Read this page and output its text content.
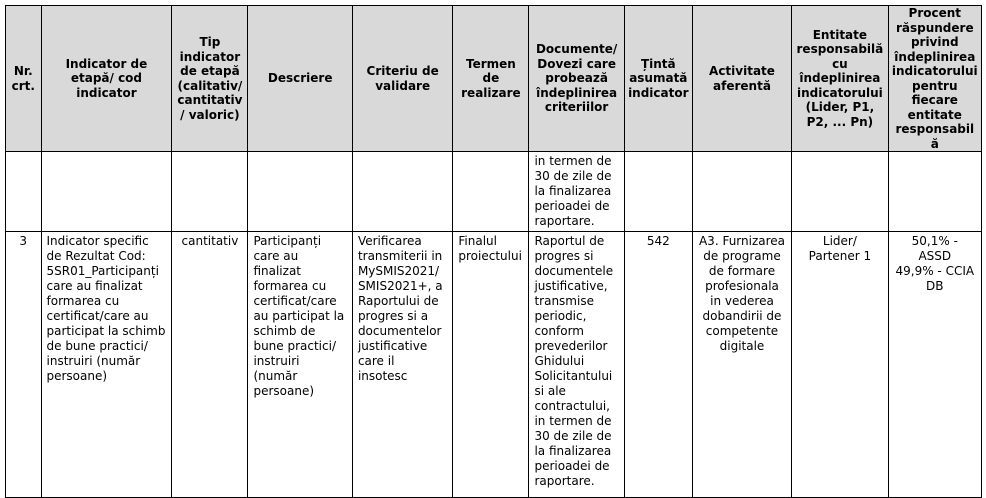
Nr. crt.	Indicator de etapă/ cod indicator	Tip indicator de etapă (calitativ/ cantitativ/ valoric)	Descriere	Criteriu de validare	Termen de realizare	Documente/ Dovezi care probează îndeplinirea criteriilor	Țintă asumată indicator	Activitate aferentă	Entitate responsabilă cu îndeplinirea indicatorului (Lider, P1, P2, ... Pn)	Procent răspundere privind îndeplinirea indicatorului pentru fiecare entitate responsabilă
						in termen de 30 de zile de la finalizarea perioadei de raportare.				
3	Indicator specific de Rezultat Cod: 5SR01_Participanți care au finalizat formarea cu certificat/care au participat la schimb de bune practici/ instruiri (număr persoane)	cantitativ	Participanți care au finalizat formarea cu certificat/care au participat la schimb de bune practici/ instruiri (număr persoane)	Verificarea transmiterii in MySMIS2021/ SMIS2021+, a Raportului de progres si a documentelor justificative care il insotesc	Finalul proiectului	Raportul de progres si documentele justificative, transmise periodic, conform prevederilor Ghidului Solicitantului si ale contractului, in termen de 30 de zile de la finalizarea perioadei de raportare.	542	A3. Furnizarea de programe de formare profesionala in vederea dobandirii de competente digitale	Lider/ Partener 1	50,1% - ASSD
49,9% - CCIA DB
